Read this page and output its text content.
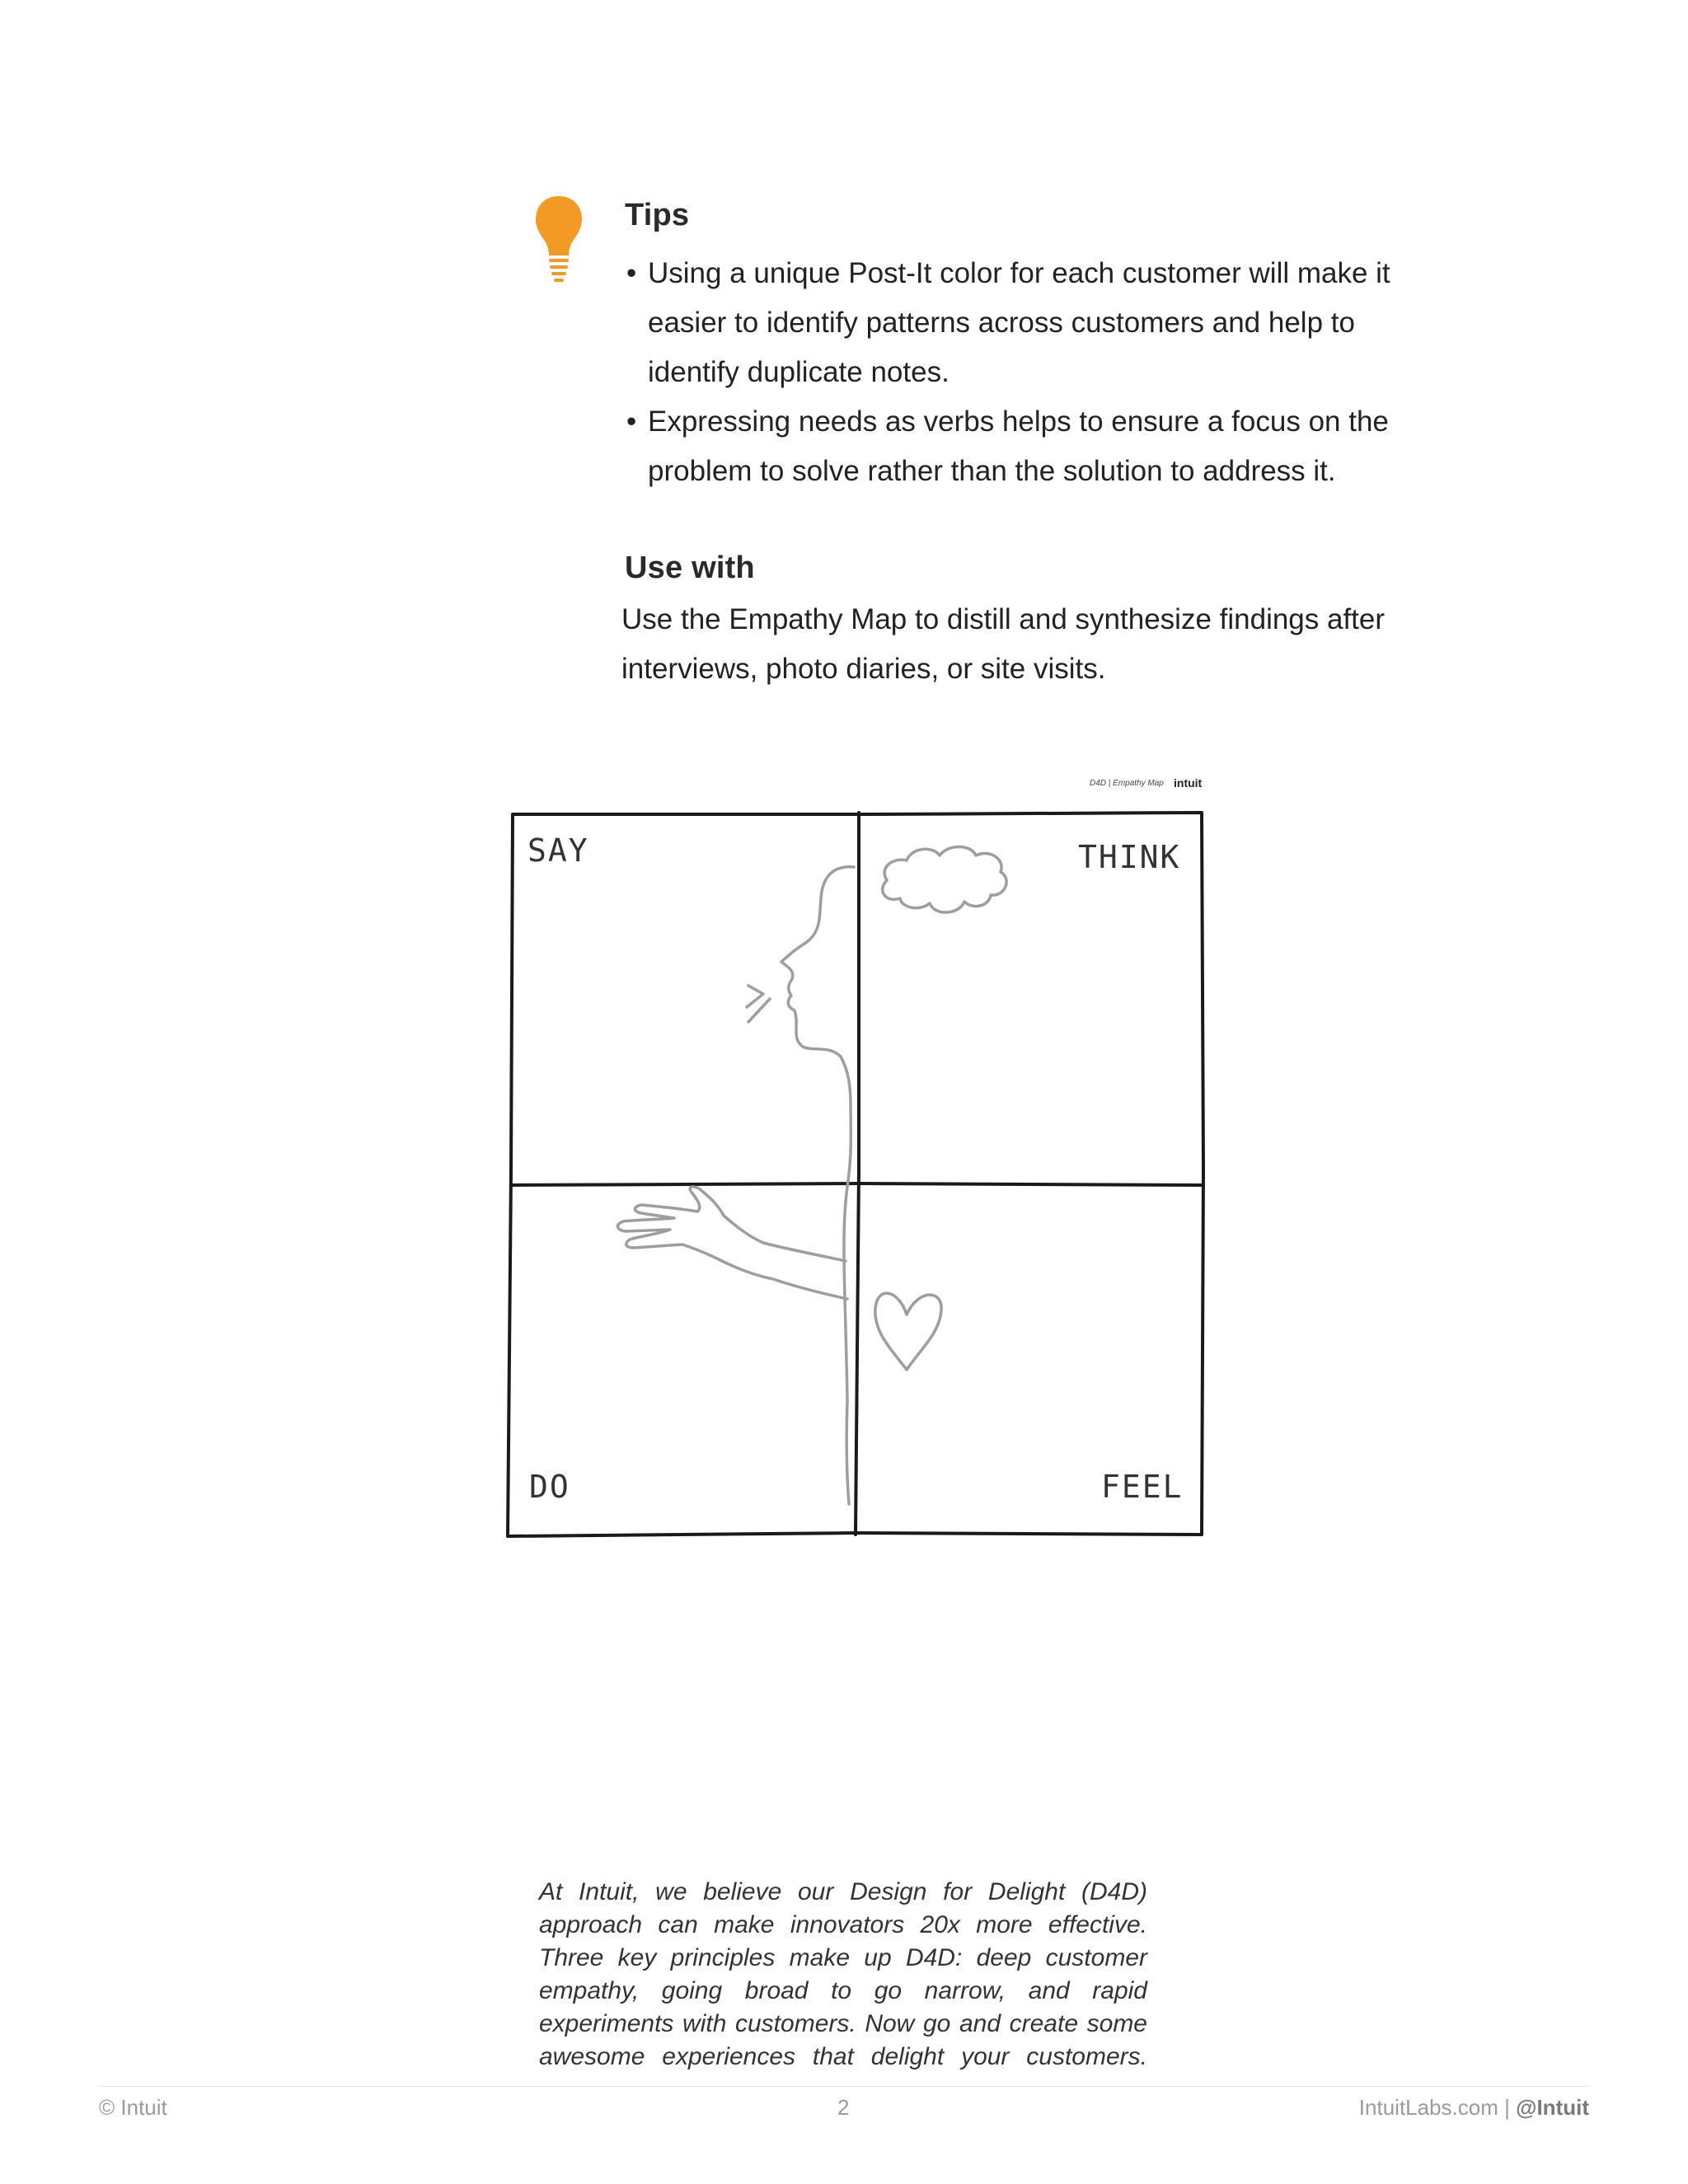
Tips
• Using a unique Post-It color for each customer will make it easier to identify patterns across customers and help to identify duplicate notes.
• Expressing needs as verbs helps to ensure a focus on the problem to solve rather than the solution to address it.
Use with
Use the Empathy Map to distill and synthesize findings after interviews, photo diaries, or site visits.
D4D | Empathy Map intuit
SAY	THINK
DO	FEEL
At Intuit, we believe our Design for Delight (D4D) approach can make innovators 20x more effective. Three key principles make up D4D: deep customer empathy, going broad to go narrow, and rapid experiments with customers. Now go and create some awesome experiences that delight your customers.
© Intuit	2	IntuitLabs.com | @Intuit
